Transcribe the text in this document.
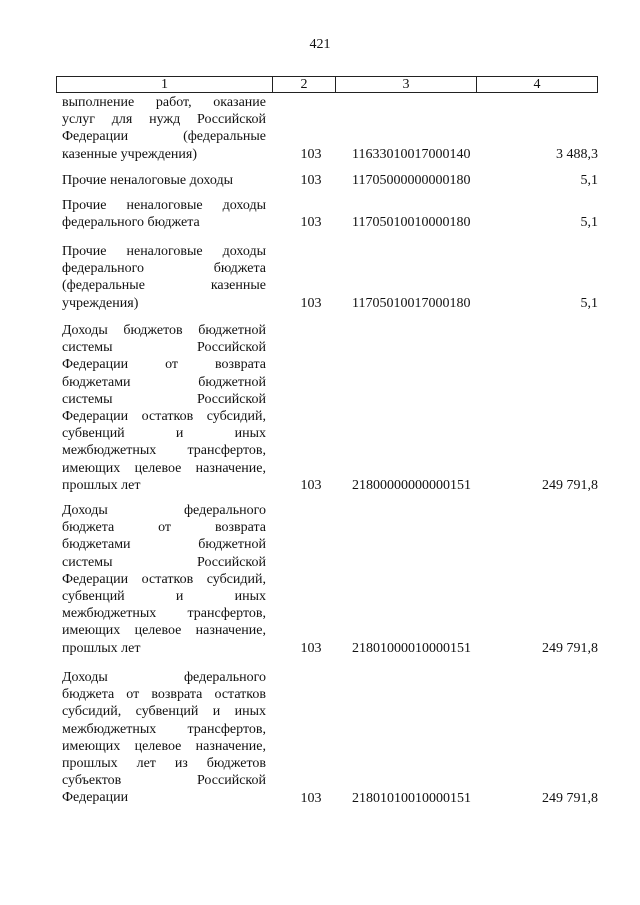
421
1	2	3	4
выполнение работ, оказание
услуг для нужд Российской
Федерации (федеральные
казенные учреждения)	103	11633010017000140	3 488,3
Прочие неналоговые доходы	103	11705000000000180	5,1
Прочие неналоговые доходы
федерального бюджета	103	11705010010000180	5,1
Прочие неналоговые доходы
федерального бюджета
(федеральные казенные
учреждения)	103	11705010017000180	5,1
Доходы бюджетов бюджетной
системы Российской
Федерации от возврата
бюджетами бюджетной
системы Российской
Федерации остатков субсидий,
субвенций и иных
межбюджетных трансфертов,
имеющих целевое назначение,
прошлых лет	103	21800000000000151	249 791,8
Доходы федерального
бюджета от возврата
бюджетами бюджетной
системы Российской
Федерации остатков субсидий,
субвенций и иных
межбюджетных трансфертов,
имеющих целевое назначение,
прошлых лет	103	21801000010000151	249 791,8
Доходы федерального
бюджета от возврата остатков
субсидий, субвенций и иных
межбюджетных трансфертов,
имеющих целевое назначение,
прошлых лет из бюджетов
субъектов Российской
Федерации	103	21801010010000151	249 791,8
